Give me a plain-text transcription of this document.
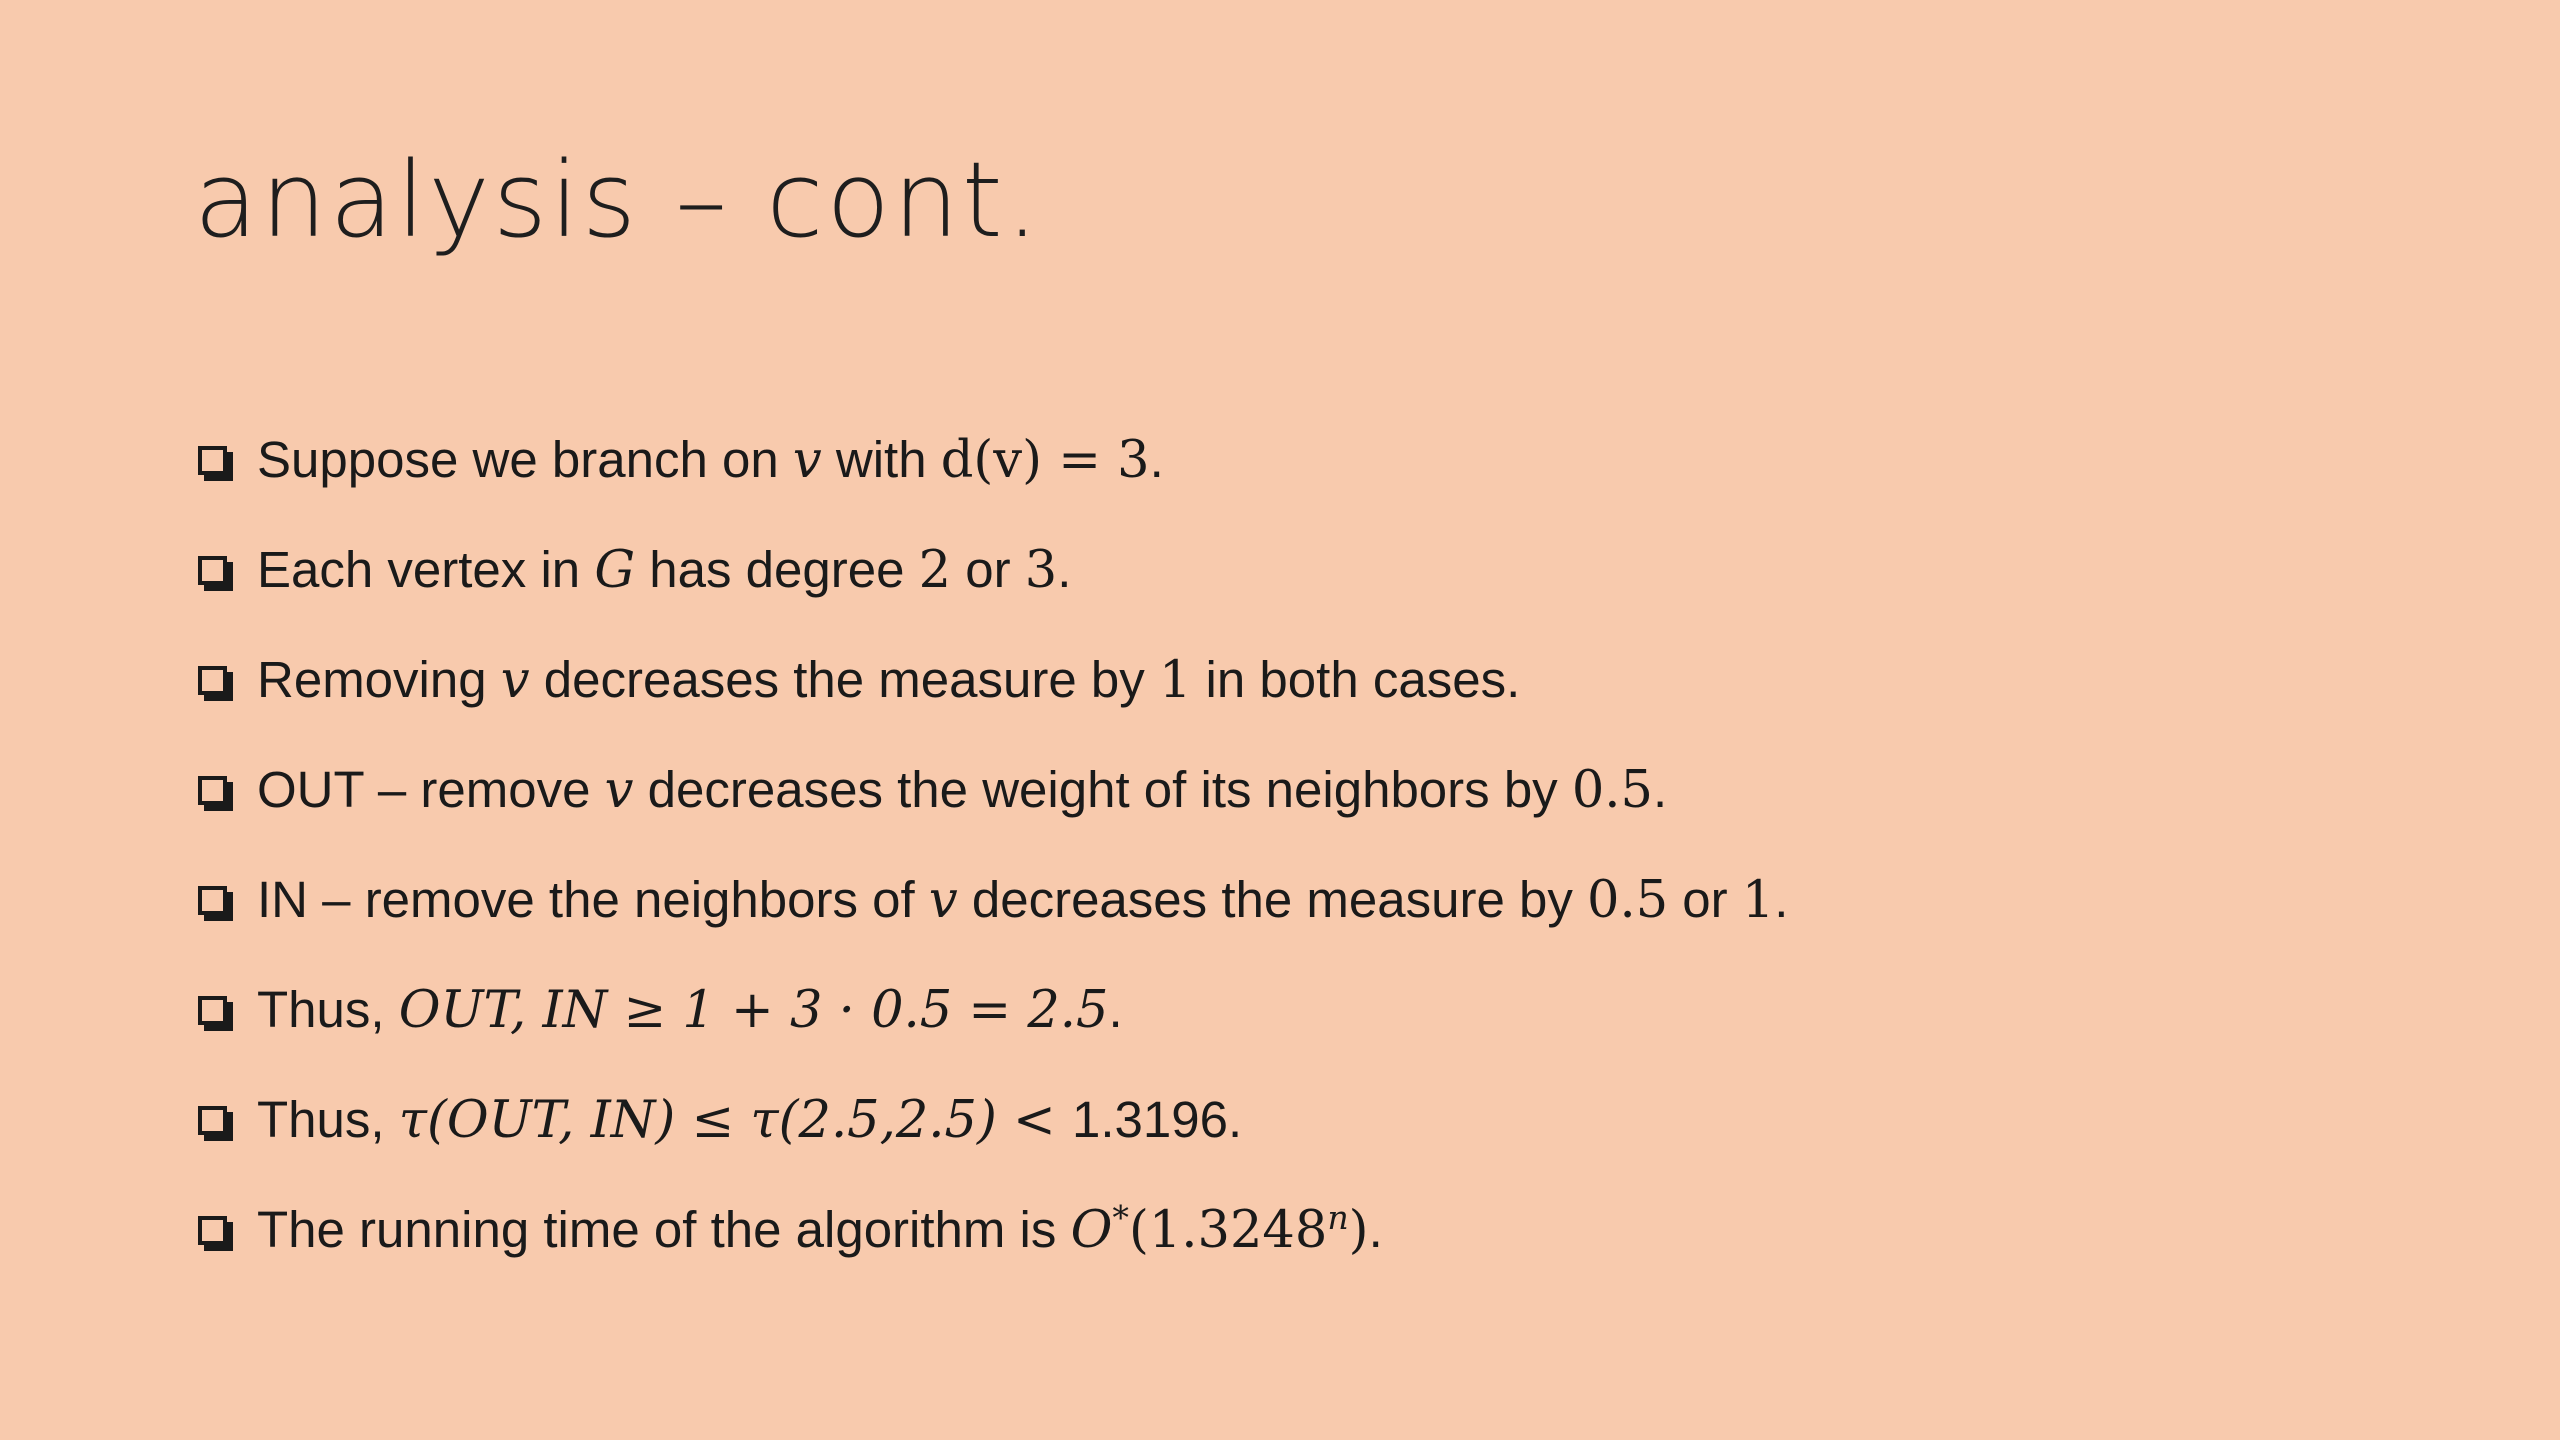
analysis – cont.
Suppose we branch on v with d(v) = 3.
Each vertex in G has degree 2 or 3.
Removing v decreases the measure by 1 in both cases.
OUT – remove v decreases the weight of its neighbors by 0.5.
IN – remove the neighbors of v decreases the measure by 0.5 or 1.
Thus, OUT, IN ≥ 1 + 3 · 0.5 = 2.5.
Thus, τ(OUT, IN) ≤ τ(2.5,2.5) < 1.3196.
The running time of the algorithm is O*(1.3248$^n$).
